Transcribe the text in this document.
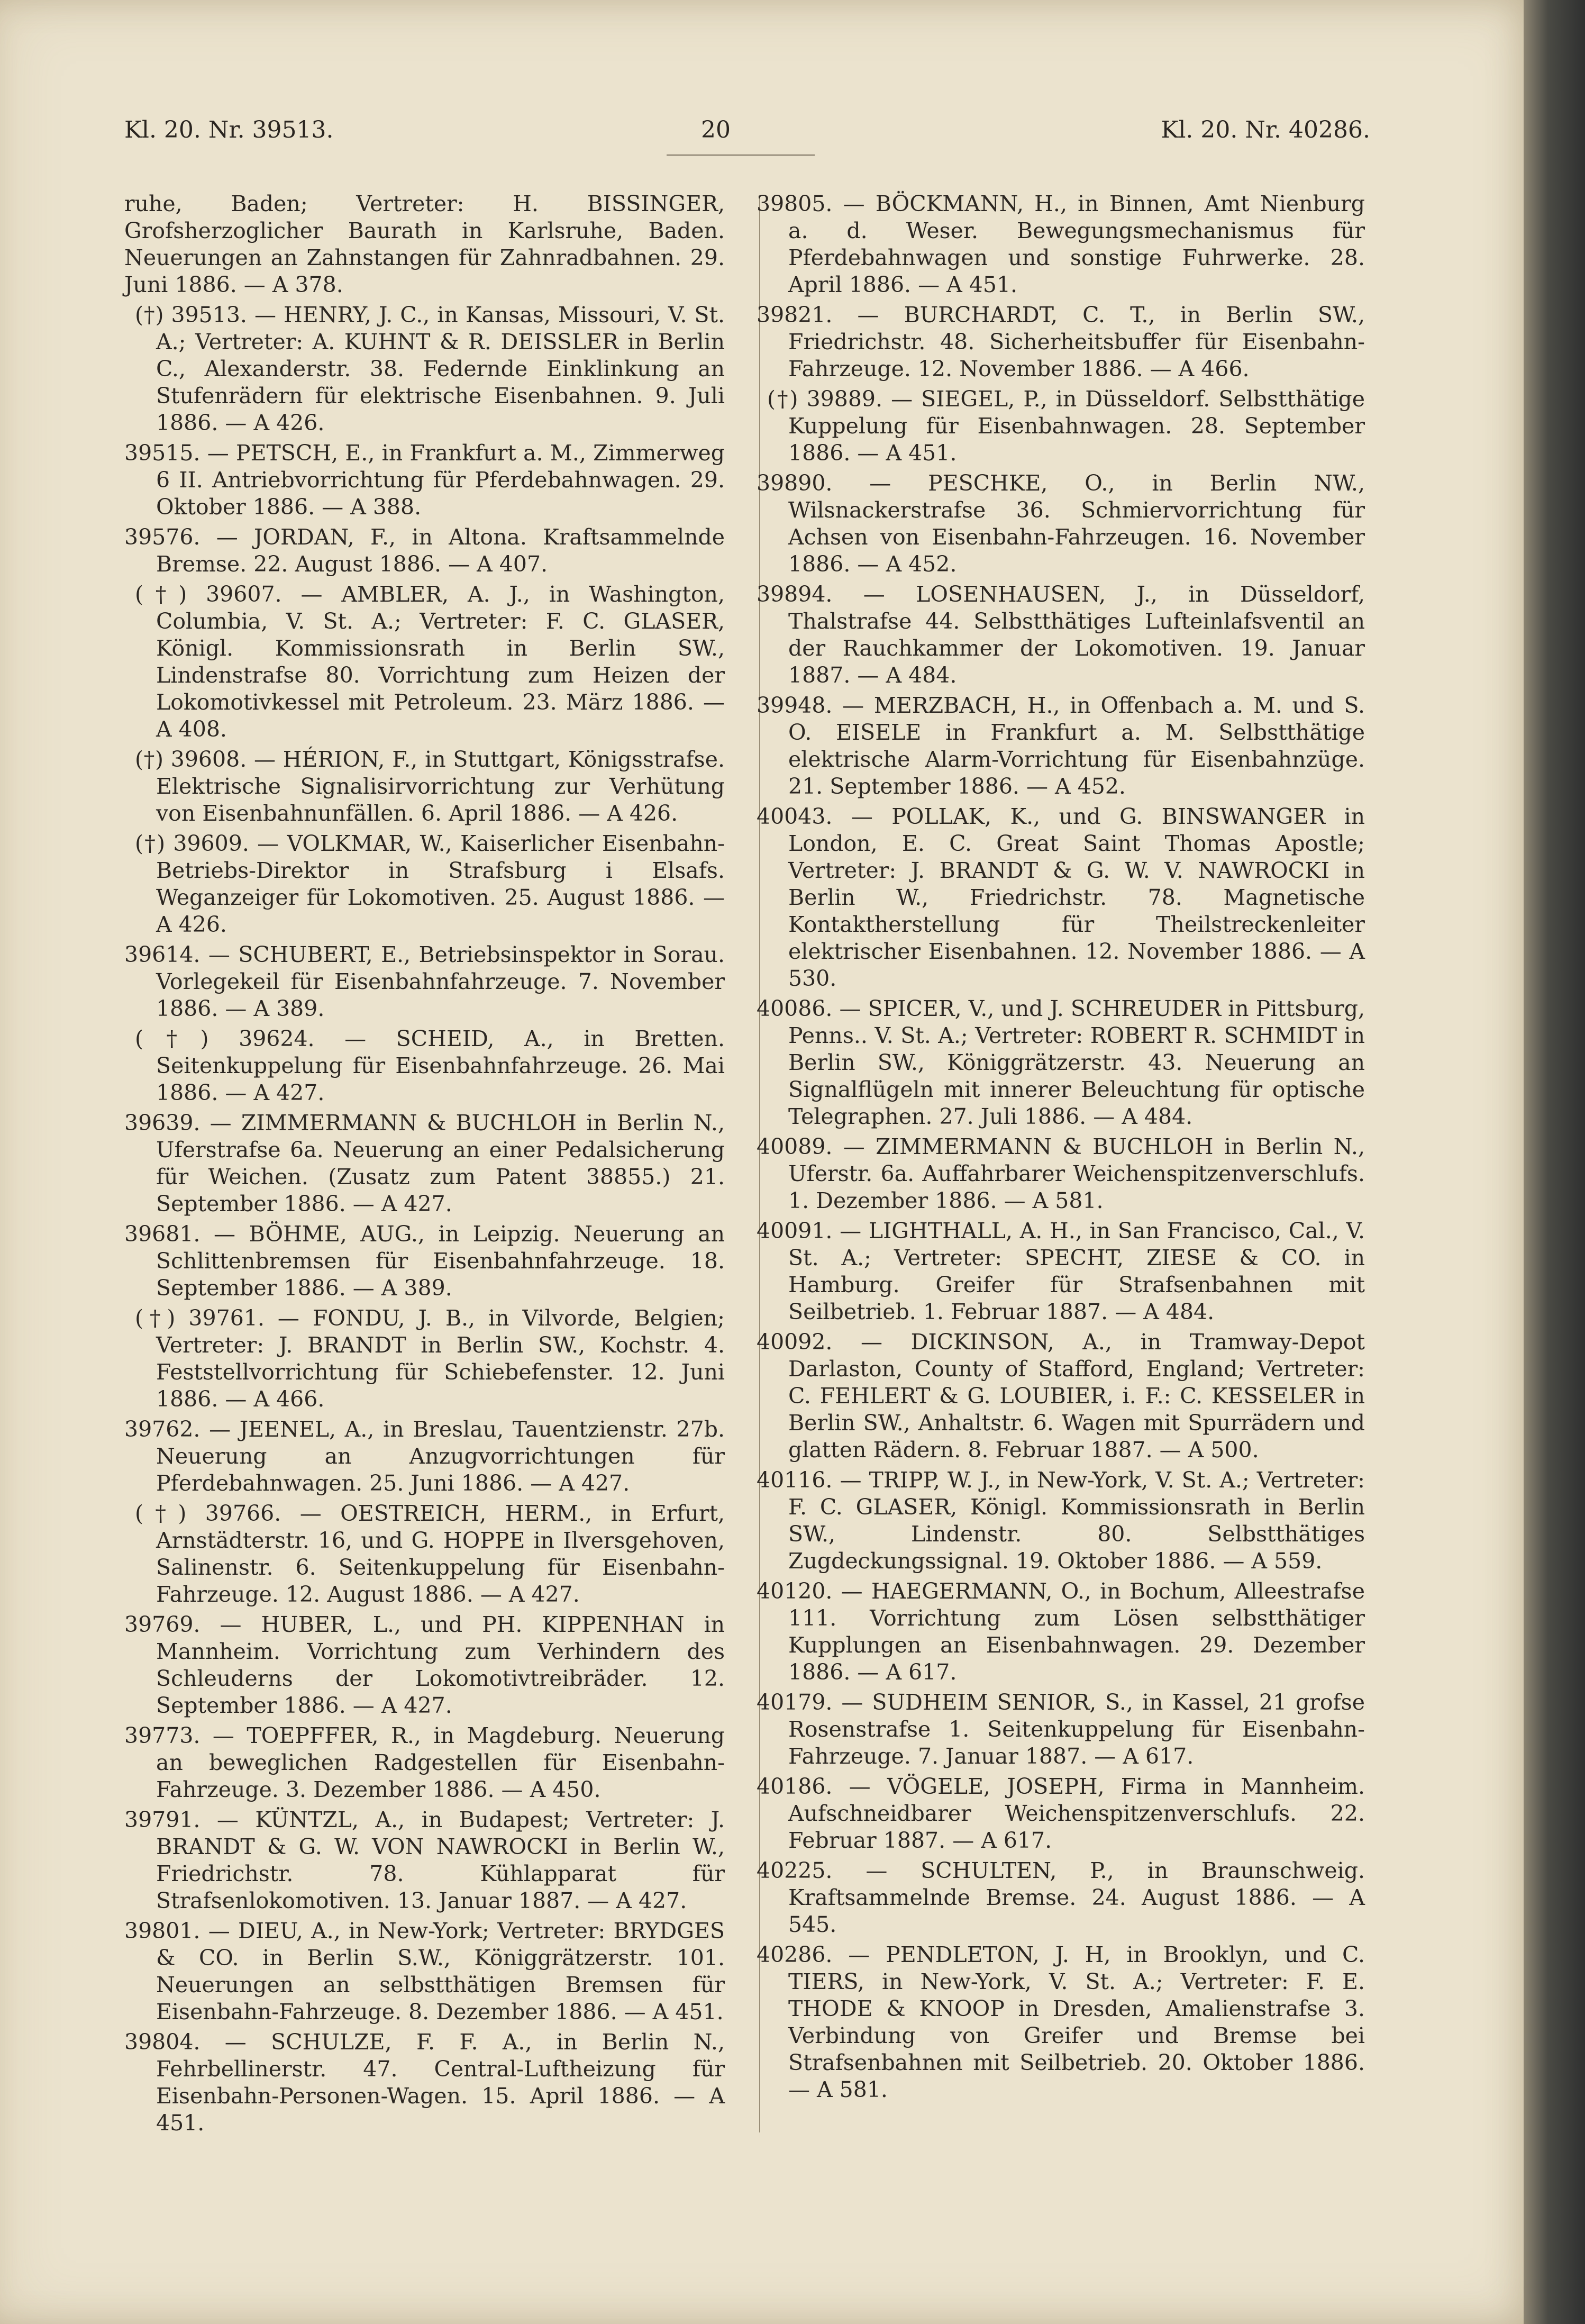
Kl. 20. Nr. 39513.	20	Kl. 20. Nr. 40286.

ruhe, Baden; Vertreter: H. BISSINGER, Grofsherzoglicher Baurath in Karlsruhe, Baden. Neuerungen an Zahnstangen für Zahnradbahnen. 29. Juni 1886. — A 378.

(†) 39513. — HENRY, J. C., in Kansas, Missouri, V. St. A.; Vertreter: A. KUHNT & R. DEISSLER in Berlin C., Alexanderstr. 38. Federnde Einklinkung an Stufenrädern für elektrische Eisenbahnen. 9. Juli 1886. — A 426.

39515. — PETSCH, E., in Frankfurt a. M., Zimmerweg 6 II. Antriebvorrichtung für Pferdebahnwagen. 29. Oktober 1886. — A 388.

39576. — JORDAN, F., in Altona. Kraftsammelnde Bremse. 22. August 1886. — A 407.

(†) 39607. — AMBLER, A. J., in Washington, Columbia, V. St. A.; Vertreter: F. C. GLASER, Königl. Kommissionsrath in Berlin SW., Lindenstrafse 80. Vorrichtung zum Heizen der Lokomotivkessel mit Petroleum. 23. März 1886. — A 408.

(†) 39608. — HÉRION, F., in Stuttgart, Königsstrafse. Elektrische Signalisirvorrichtung zur Verhütung von Eisenbahnunfällen. 6. April 1886. — A 426.

(†) 39609. — VOLKMAR, W., Kaiserlicher Eisenbahn-Betriebs-Direktor in Strafsburg i Elsafs. Weganzeiger für Lokomotiven. 25. August 1886. — A 426.

39614. — SCHUBERT, E., Betriebsinspektor in Sorau. Vorlegekeil für Eisenbahnfahrzeuge. 7. November 1886. — A 389.

(†) 39624. — SCHEID, A., in Bretten. Seitenkuppelung für Eisenbahnfahrzeuge. 26. Mai 1886. — A 427.

39639. — ZIMMERMANN & BUCHLOH in Berlin N., Uferstrafse 6a. Neuerung an einer Pedalsicherung für Weichen. (Zusatz zum Patent 38855.) 21. September 1886. — A 427.

39681. — BÖHME, AUG., in Leipzig. Neuerung an Schlittenbremsen für Eisenbahnfahrzeuge. 18. September 1886. — A 389.

(†) 39761. — FONDU, J. B., in Vilvorde, Belgien; Vertreter: J. BRANDT in Berlin SW., Kochstr. 4. Feststellvorrichtung für Schiebefenster. 12. Juni 1886. — A 466.

39762. — JEENEL, A., in Breslau, Tauentzienstr. 27b. Neuerung an Anzugvorrichtungen für Pferdebahnwagen. 25. Juni 1886. — A 427.

(†) 39766. — OESTREICH, HERM., in Erfurt, Arnstädterstr. 16, und G. HOPPE in Ilversgehoven, Salinenstr. 6. Seitenkuppelung für Eisenbahn-Fahrzeuge. 12. August 1886. — A 427.

39769. — HUBER, L., und PH. KIPPENHAN in Mannheim. Vorrichtung zum Verhindern des Schleuderns der Lokomotivtreibräder. 12. September 1886. — A 427.

39773. — TOEPFFER, R., in Magdeburg. Neuerung an beweglichen Radgestellen für Eisenbahn-Fahrzeuge. 3. Dezember 1886. — A 450.

39791. — KÜNTZL, A., in Budapest; Vertreter: J. BRANDT & G. W. VON NAWROCKI in Berlin W., Friedrichstr. 78. Kühlapparat für Strafsenlokomotiven. 13. Januar 1887. — A 427.

39801. — DIEU, A., in New-York; Vertreter: BRYDGES & CO. in Berlin S.W., Königgrätzerstr. 101. Neuerungen an selbstthätigen Bremsen für Eisenbahn-Fahrzeuge. 8. Dezember 1886. — A 451.

39804. — SCHULZE, F. F. A., in Berlin N., Fehrbellinerstr. 47. Central-Luftheizung für Eisenbahn-Personen-Wagen. 15. April 1886. — A 451.

39805. — BÖCKMANN, H., in Binnen, Amt Nienburg a. d. Weser. Bewegungsmechanismus für Pferdebahnwagen und sonstige Fuhrwerke. 28. April 1886. — A 451.

39821. — BURCHARDT, C. T., in Berlin SW., Friedrichstr. 48. Sicherheitsbuffer für Eisenbahn-Fahrzeuge. 12. November 1886. — A 466.

(†) 39889. — SIEGEL, P., in Düsseldorf. Selbstthätige Kuppelung für Eisenbahnwagen. 28. September 1886. — A 451.

39890. — PESCHKE, O., in Berlin NW., Wilsnackerstrafse 36. Schmiervorrichtung für Achsen von Eisenbahn-Fahrzeugen. 16. November 1886. — A 452.

39894. — LOSENHAUSEN, J., in Düsseldorf, Thalstrafse 44. Selbstthätiges Lufteinlafsventil an der Rauchkammer der Lokomotiven. 19. Januar 1887. — A 484.

39948. — MERZBACH, H., in Offenbach a. M. und S. O. EISELE in Frankfurt a. M. Selbstthätige elektrische Alarm-Vorrichtung für Eisenbahnzüge. 21. September 1886. — A 452.

40043. — POLLAK, K., und G. BINSWANGER in London, E. C. Great Saint Thomas Apostle; Vertreter: J. BRANDT & G. W. V. NAWROCKI in Berlin W., Friedrichstr. 78. Magnetische Kontaktherstellung für Theilstreckenleiter elektrischer Eisenbahnen. 12. November 1886. — A 530.

40086. — SPICER, V., und J. SCHREUDER in Pittsburg, Penns.. V. St. A.; Vertreter: ROBERT R. SCHMIDT in Berlin SW., Königgrätzerstr. 43. Neuerung an Signalflügeln mit innerer Beleuchtung für optische Telegraphen. 27. Juli 1886. — A 484.

40089. — ZIMMERMANN & BUCHLOH in Berlin N., Uferstr. 6a. Auffahrbarer Weichenspitzenverschlufs. 1. Dezember 1886. — A 581.

40091. — LIGHTHALL, A. H., in San Francisco, Cal., V. St. A.; Vertreter: SPECHT, ZIESE & CO. in Hamburg. Greifer für Strafsenbahnen mit Seilbetrieb. 1. Februar 1887. — A 484.

40092. — DICKINSON, A., in Tramway-Depot Darlaston, County of Stafford, England; Vertreter: C. FEHLERT & G. LOUBIER, i. F.: C. KESSELER in Berlin SW., Anhaltstr. 6. Wagen mit Spurrädern und glatten Rädern. 8. Februar 1887. — A 500.

40116. — TRIPP, W. J., in New-York, V. St. A.; Vertreter: F. C. GLASER, Königl. Kommissionsrath in Berlin SW., Lindenstr. 80. Selbstthätiges Zugdeckungssignal. 19. Oktober 1886. — A 559.

40120. — HAEGERMANN, O., in Bochum, Alleestrafse 111. Vorrichtung zum Lösen selbstthätiger Kupplungen an Eisenbahnwagen. 29. Dezember 1886. — A 617.

40179. — SUDHEIM SENIOR, S., in Kassel, 21 grofse Rosenstrafse 1. Seitenkuppelung für Eisenbahn-Fahrzeuge. 7. Januar 1887. — A 617.

40186. — VÖGELE, JOSEPH, Firma in Mannheim. Aufschneidbarer Weichenspitzenverschlufs. 22. Februar 1887. — A 617.

40225. — SCHULTEN, P., in Braunschweig. Kraftsammelnde Bremse. 24. August 1886. — A 545.

40286. — PENDLETON, J. H, in Brooklyn, und C. TIERS, in New-York, V. St. A.; Vertreter: F. E. THODE & KNOOP in Dresden, Amalienstrafse 3. Verbindung von Greifer und Bremse bei Strafsenbahnen mit Seilbetrieb. 20. Oktober 1886. — A 581.
